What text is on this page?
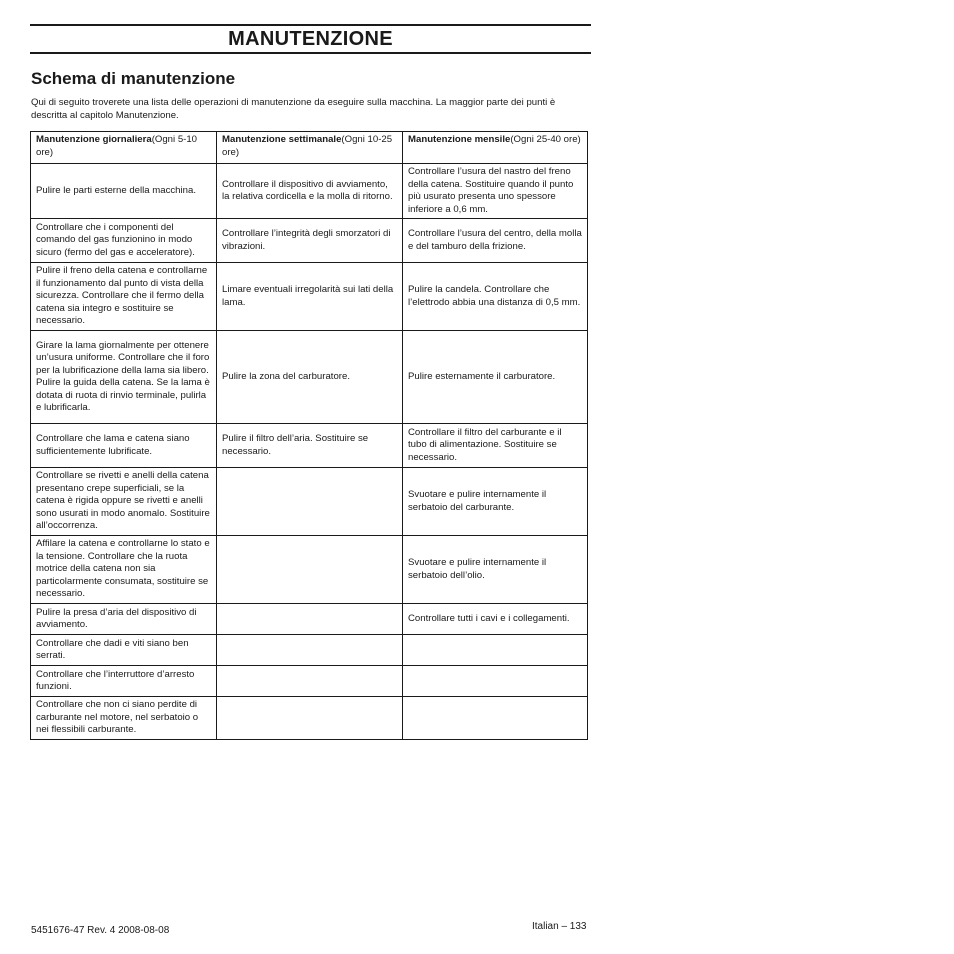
MANUTENZIONE
Schema di manutenzione

Qui di seguito troverete una lista delle operazioni di manutenzione da eseguire sulla macchina. La maggior parte dei punti è descritta al capitolo Manutenzione.

Manutenzione giornaliera(Ogni 5-10 ore)	Manutenzione settimanale(Ogni 10-25 ore)	Manutenzione mensile(Ogni 25-40 ore)
Pulire le parti esterne della macchina.	Controllare il dispositivo di avviamento, la relativa cordicella e la molla di ritorno.	Controllare l’usura del nastro del freno della catena. Sostituire quando il punto più usurato presenta uno spessore inferiore a 0,6 mm.
Controllare che i componenti del comando del gas funzionino in modo sicuro (fermo del gas e acceleratore).	Controllare l’integrità degli smorzatori di vibrazioni.	Controllare l’usura del centro, della molla e del tamburo della frizione.
Pulire il freno della catena e controllarne il funzionamento dal punto di vista della sicurezza. Controllare che il fermo della catena sia integro e sostituire se necessario.	Limare eventuali irregolarità sui lati della lama.	Pulire la candela. Controllare che l’elettrodo abbia una distanza di 0,5 mm.
Girare la lama giornalmente per ottenere un’usura uniforme. Controllare che il foro per la lubrificazione della lama sia libero. Pulire la guida della catena. Se la lama è dotata di ruota di rinvio terminale, pulirla e lubrificarla.	Pulire la zona del carburatore.	Pulire esternamente il carburatore.
Controllare che lama e catena siano sufficientemente lubrificate.	Pulire il filtro dell’aria. Sostituire se necessario.	Controllare il filtro del carburante e il tubo di alimentazione. Sostituire se necessario.
Controllare se rivetti e anelli della catena presentano crepe superficiali, se la catena è rigida oppure se rivetti e anelli sono usurati in modo anomalo. Sostituire all’occorrenza.		Svuotare e pulire internamente il serbatoio del carburante.
Affilare la catena e controllarne lo stato e la tensione. Controllare che la ruota motrice della catena non sia particolarmente consumata, sostituire se necessario.		Svuotare e pulire internamente il serbatoio dell’olio.
Pulire la presa d’aria del dispositivo di avviamento.		Controllare tutti i cavi e i collegamenti.
Controllare che dadi e viti siano ben serrati.		
Controllare che l’interruttore d’arresto funzioni.		
Controllare che non ci siano perdite di carburante nel motore, nel serbatoio o nei flessibili carburante.		
5451676-47 Rev. 4 2008-08-08	Italian – 133
